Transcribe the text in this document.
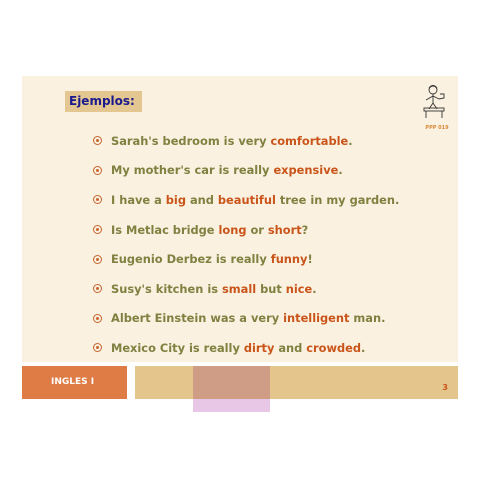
Ejemplos:
PPP 019
Sarah's bedroom is very comfortable.
My mother's car is really expensive.
I have a big and beautiful tree in my garden.
Is Metlac bridge long or short?
Eugenio Derbez is really funny!
Susy's kitchen is small but nice.
Albert Einstein was a very intelligent man.
Mexico City is really dirty and crowded.
INGLES I
3
